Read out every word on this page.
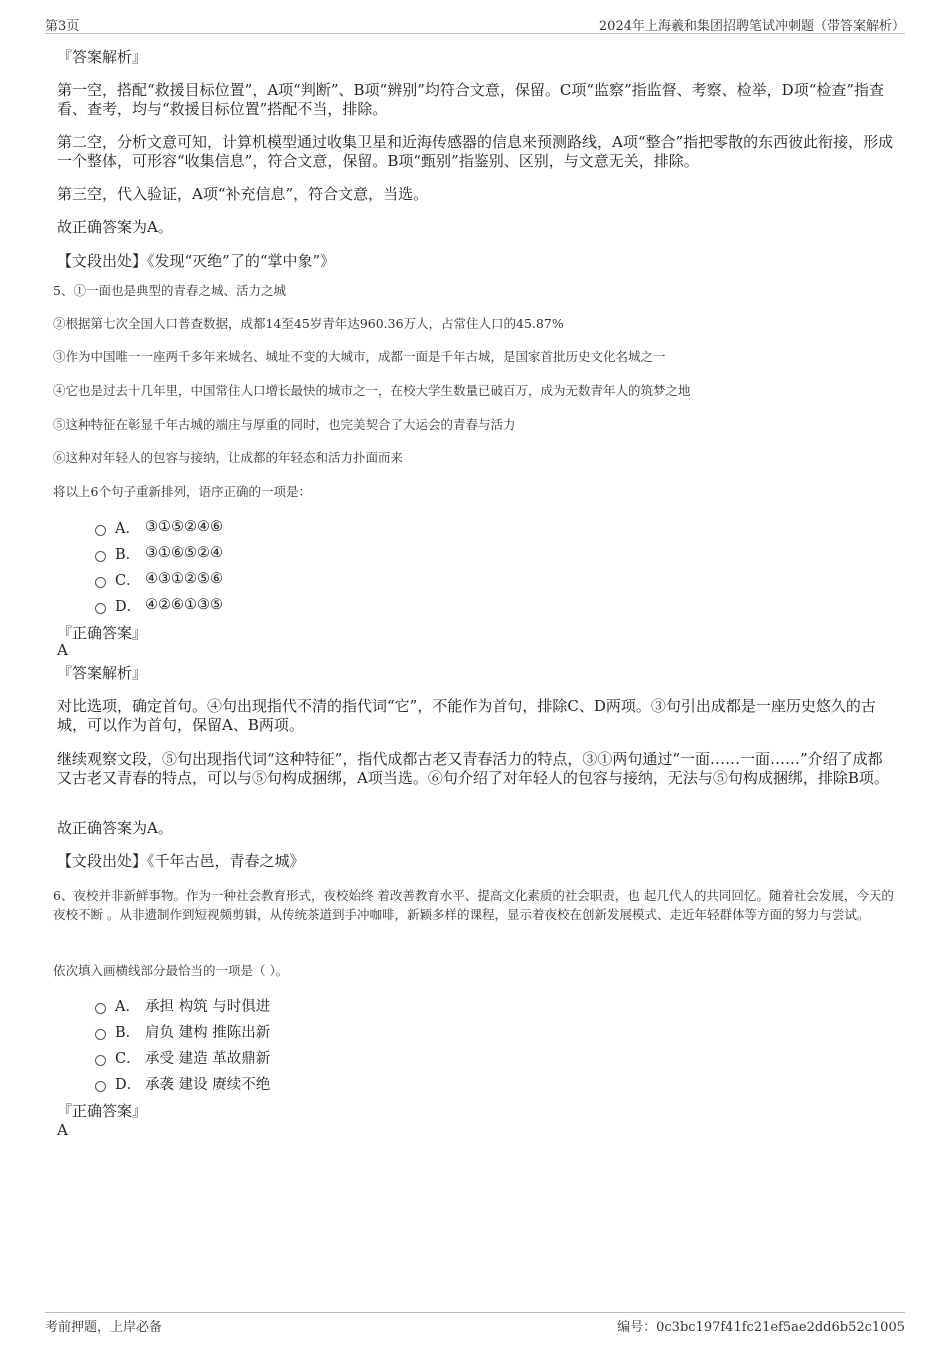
第3页	2024年上海羲和集团招聘笔试冲刺题（带答案解析）
『答案解析』
第一空，搭配“救援目标位置”，A项“判断”、B项“辨别”均符合文意，保留。C项“监察”指监督、考察、检举，D项“检查”指查看、查考，均与“救援目标位置”搭配不当，排除。
第二空，分析文意可知，计算机模型通过收集卫星和近海传感器的信息来预测路线，A项“整合”指把零散的东西彼此衔接，形成一个整体，可形容“收集信息”，符合文意，保留。B项“甄别”指鉴别、区别，与文意无关，排除。
第三空，代入验证，A项“补充信息”，符合文意，当选。
故正确答案为A。
【文段出处】《发现“灭绝”了的“掌中象”》
5、①一面也是典型的青春之城、活力之城
②根据第七次全国人口普查数据，成都14至45岁青年达960.36万人，占常住人口的45.87%
③作为中国唯一一座两千多年来城名、城址不变的大城市，成都一面是千年古城，是国家首批历史文化名城之一
④它也是过去十几年里，中国常住人口增长最快的城市之一，在校大学生数量已破百万，成为无数青年人的筑梦之地
⑤这种特征在彰显千年古城的端庄与厚重的同时，也完美契合了大运会的青春与活力
⑥这种对年轻人的包容与接纳，让成都的年轻态和活力扑面而来
将以上6个句子重新排列，语序正确的一项是：
A． ③①⑤②④⑥
B． ③①⑥⑤②④
C． ④③①②⑤⑥
D． ④②⑥①③⑤
『正确答案』
A
『答案解析』
对比选项，确定首句。④句出现指代不清的指代词“它”，不能作为首句，排除C、D两项。③句引出成都是一座历史悠久的古城，可以作为首句，保留A、B两项。
继续观察文段，⑤句出现指代词“这种特征”，指代成都古老又青春活力的特点，③①两句通过“一面……一面……”介绍了成都又古老又青春的特点，可以与⑤句构成捆绑，A项当选。⑥句介绍了对年轻人的包容与接纳，无法与⑤句构成捆绑，排除B项。
故正确答案为A。
【文段出处】《千年古邑，青春之城》
6、夜校并非新鲜事物。作为一种社会教育形式，夜校始终 着改善教育水平、提高文化素质的社会职责，也 起几代人的共同回忆。随着社会发展，今天的夜校不断 。从非遗制作到短视频剪辑，从传统茶道到手冲咖啡，新颖多样的课程，显示着夜校在创新发展模式、走近年轻群体等方面的努力与尝试。
依次填入画横线部分最恰当的一项是（ ）。
A． 承担 构筑 与时俱进
B． 肩负 建构 推陈出新
C． 承受 建造 革故鼎新
D． 承袭 建设 赓续不绝
『正确答案』
A
考前押题，上岸必备	编号：0c3bc197f41fc21ef5ae2dd6b52c1005
